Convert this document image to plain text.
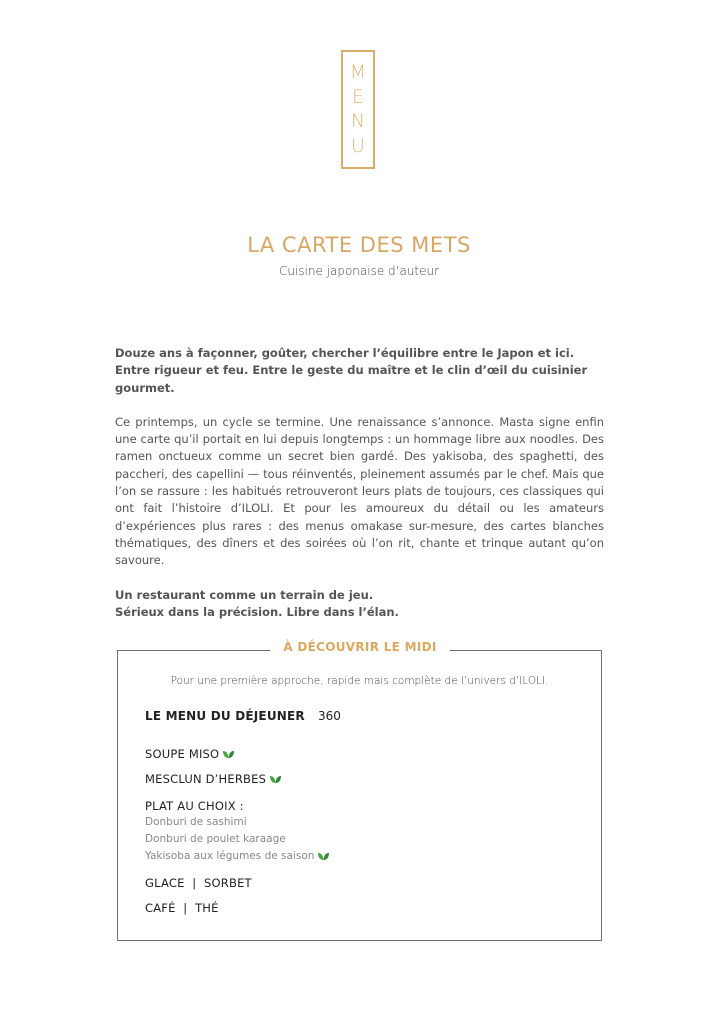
M
E
N
U
LA CARTE DES METS
Cuisine japonaise d’auteur

Douze ans à façonner, goûter, chercher l’équilibre entre le Japon et ici.

Entre rigueur et feu. Entre le geste du maître et le clin d’œil du cuisinier gourmet.

Ce printemps, un cycle se termine. Une renaissance s’annonce. Masta signe enfin une carte qu’il portait en lui depuis longtemps : un hommage libre aux noodles. Des ramen onctueux comme un secret bien gardé. Des yakisoba, des spaghetti, des paccheri, des capellini — tous réinventés, pleinement assumés par le chef. Mais que l’on se rassure : les habitués retrouveront leurs plats de toujours, ces classiques qui ont fait l’histoire d’ILOLI. Et pour les amoureux du détail ou les amateurs d’expériences plus rares : des menus omakase sur-mesure, des cartes blanches thématiques, des dîners et des soirées où l’on rit, chante et trinque autant qu’on savoure.

Un restaurant comme un terrain de jeu.

Sérieux dans la précision. Libre dans l’élan.

À DÉCOUVRIR LE MIDI
Pour une première approche, rapide mais complète de l’univers d’ILOLI.
LE MENU DU DÉJEUNER 360
SOUPE MISO
MESCLUN D’HERBES
PLAT AU CHOIX :
Donburi de sashimi
Donburi de poulet karaage
Yakisoba aux légumes de saison
GLACE  |  SORBET
CAFÉ  |  THÉ
